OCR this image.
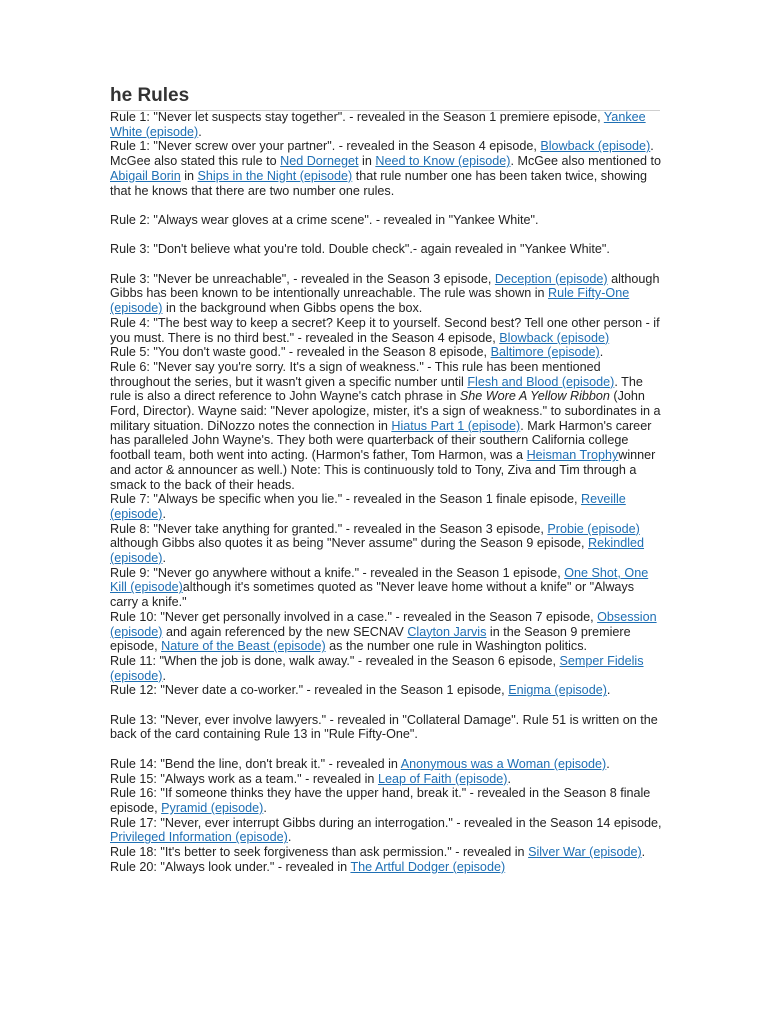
he Rules

Rule 1: "Never let suspects stay together". - revealed in the Season 1 premiere episode, Yankee White (episode).

Rule 1: "Never screw over your partner". - revealed in the Season 4 episode, Blowback (episode). McGee also stated this rule to Ned Dorneget in Need to Know (episode). McGee also mentioned to Abigail Borin in Ships in the Night (episode) that rule number one has been taken twice, showing that he knows that there are two number one rules.

Rule 2: "Always wear gloves at a crime scene". - revealed in "Yankee White".

Rule 3: "Don't believe what you're told. Double check".- again revealed in "Yankee White".

Rule 3: "Never be unreachable", - revealed in the Season 3 episode, Deception (episode) although Gibbs has been known to be intentionally unreachable. The rule was shown in Rule Fifty-One (episode) in the background when Gibbs opens the box.

Rule 4: "The best way to keep a secret? Keep it to yourself. Second best? Tell one other person - if you must. There is no third best." - revealed in the Season 4 episode, Blowback (episode)

Rule 5: "You don't waste good." - revealed in the Season 8 episode, Baltimore (episode).

Rule 6: "Never say you're sorry. It's a sign of weakness." - This rule has been mentioned throughout the series, but it wasn't given a specific number until Flesh and Blood (episode). The rule is also a direct reference to John Wayne's catch phrase in She Wore A Yellow Ribbon (John Ford, Director). Wayne said: "Never apologize, mister, it's a sign of weakness." to subordinates in a military situation. DiNozzo notes the connection in Hiatus Part 1 (episode). Mark Harmon's career has paralleled John Wayne's. They both were quarterback of their southern California college football team, both went into acting. (Harmon's father, Tom Harmon, was a Heisman Trophywinner and actor & announcer as well.) Note: This is continuously told to Tony, Ziva and Tim through a smack to the back of their heads.

Rule 7: "Always be specific when you lie." - revealed in the Season 1 finale episode, Reveille (episode).

Rule 8: "Never take anything for granted." - revealed in the Season 3 episode, Probie (episode) although Gibbs also quotes it as being "Never assume" during the Season 9 episode, Rekindled (episode).

Rule 9: "Never go anywhere without a knife." - revealed in the Season 1 episode, One Shot, One Kill (episode)although it's sometimes quoted as "Never leave home without a knife" or "Always carry a knife."

Rule 10: "Never get personally involved in a case." - revealed in the Season 7 episode, Obsession (episode) and again referenced by the new SECNAV Clayton Jarvis in the Season 9 premiere episode, Nature of the Beast (episode) as the number one rule in Washington politics.

Rule 11: "When the job is done, walk away." - revealed in the Season 6 episode, Semper Fidelis (episode).

Rule 12: "Never date a co-worker." - revealed in the Season 1 episode, Enigma (episode).

Rule 13: "Never, ever involve lawyers." - revealed in "Collateral Damage". Rule 51 is written on the back of the card containing Rule 13 in "Rule Fifty-One".

Rule 14: "Bend the line, don't break it." - revealed in Anonymous was a Woman (episode).

Rule 15: "Always work as a team." - revealed in Leap of Faith (episode).

Rule 16: "If someone thinks they have the upper hand, break it." - revealed in the Season 8 finale episode, Pyramid (episode).

Rule 17: "Never, ever interrupt Gibbs during an interrogation." - revealed in the Season 14 episode, Privileged Information (episode).

Rule 18: "It's better to seek forgiveness than ask permission." - revealed in Silver War (episode).

Rule 20: "Always look under." - revealed in The Artful Dodger (episode)
